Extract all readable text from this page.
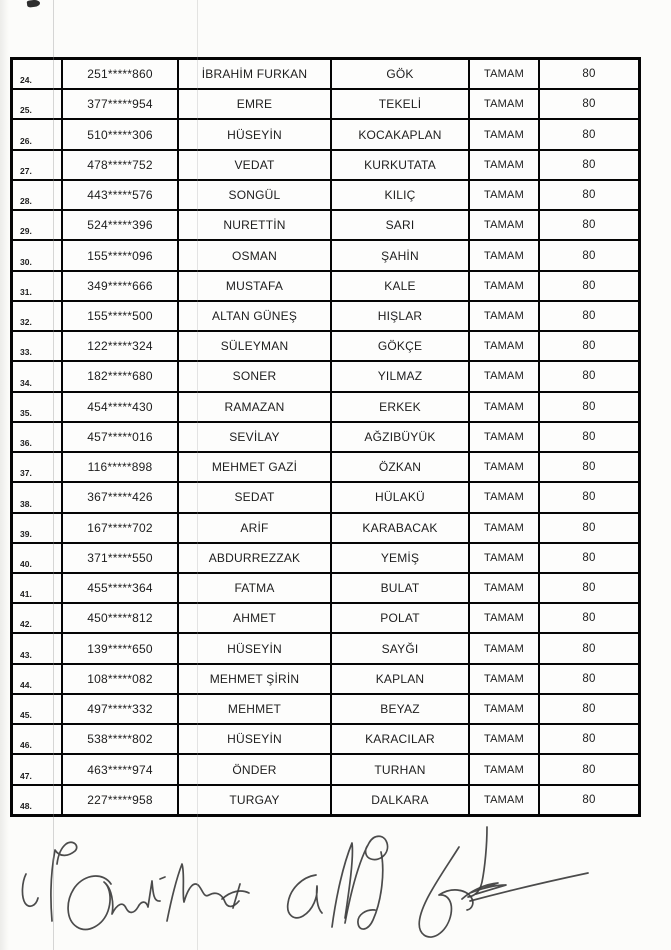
24.	251*****860	İBRAHİM FURKAN	GÖK	TAMAM	80
25.	377*****954	EMRE	TEKELİ	TAMAM	80
26.	510*****306	HÜSEYİN	KOCAKAPLAN	TAMAM	80
27.	478*****752	VEDAT	KURKUTATA	TAMAM	80
28.	443*****576	SONGÜL	KILIÇ	TAMAM	80
29.	524*****396	NURETTİN	SARI	TAMAM	80
30.	155*****096	OSMAN	ŞAHİN	TAMAM	80
31.	349*****666	MUSTAFA	KALE	TAMAM	80
32.	155*****500	ALTAN GÜNEŞ	HIŞLAR	TAMAM	80
33.	122*****324	SÜLEYMAN	GÖKÇE	TAMAM	80
34.	182*****680	SONER	YILMAZ	TAMAM	80
35.	454*****430	RAMAZAN	ERKEK	TAMAM	80
36.	457*****016	SEVİLAY	AĞZIBÜYÜK	TAMAM	80
37.	116*****898	MEHMET GAZİ	ÖZKAN	TAMAM	80
38.	367*****426	SEDAT	HÜLAKÜ	TAMAM	80
39.	167*****702	ARİF	KARABACAK	TAMAM	80
40.	371*****550	ABDURREZZAK	YEMİŞ	TAMAM	80
41.	455*****364	FATMA	BULAT	TAMAM	80
42.	450*****812	AHMET	POLAT	TAMAM	80
43.	139*****650	HÜSEYİN	SAYĞI	TAMAM	80
44.	108*****082	MEHMET ŞİRİN	KAPLAN	TAMAM	80
45.	497*****332	MEHMET	BEYAZ	TAMAM	80
46.	538*****802	HÜSEYİN	KARACILAR	TAMAM	80
47.	463*****974	ÖNDER	TURHAN	TAMAM	80
48.	227*****958	TURGAY	DALKARA	TAMAM	80
